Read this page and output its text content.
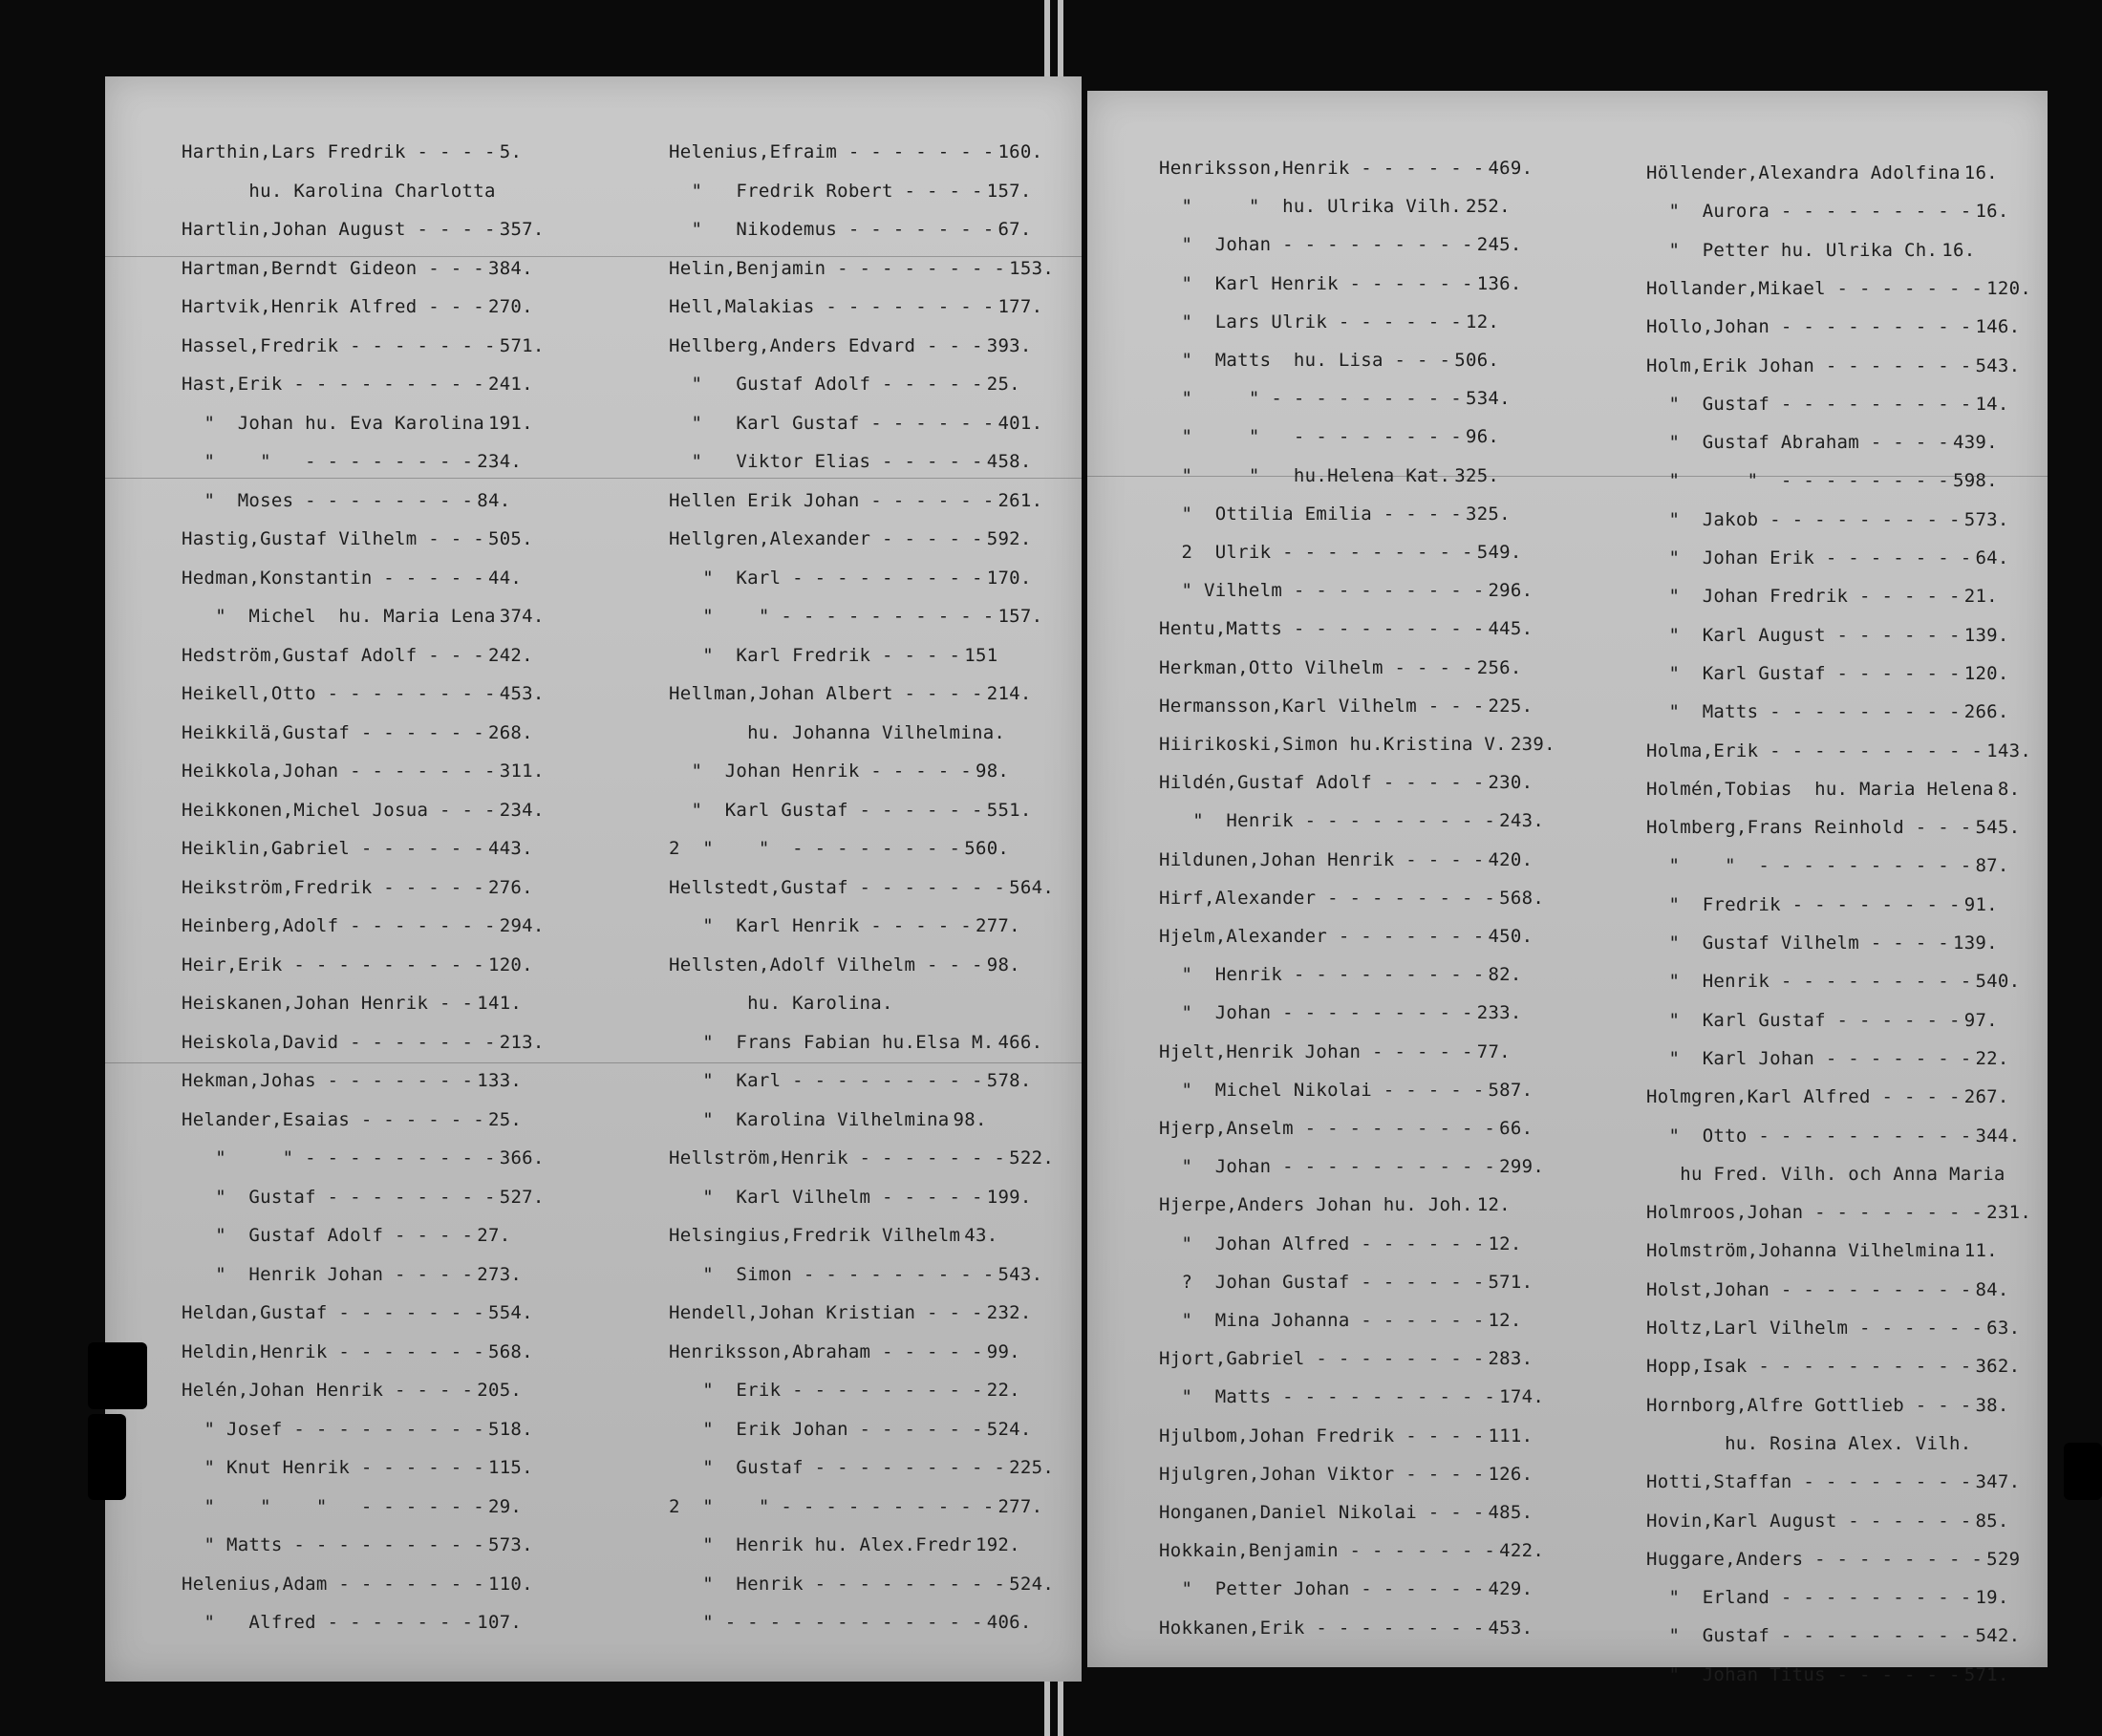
Harthin,Lars Fredrik - - - - 5.
hu. Karolina Charlotta
Hartlin,Johan August - - - - 357.
Hartman,Berndt Gideon - - - 384.
Hartvik,Henrik Alfred - - - 270.
Hassel,Fredrik - - - - - - - 571.
Hast,Erik - - - - - - - - - 241.
"  Johan hu. Eva Karolina 191.
"    "   - - - - - - - - 234.
"  Moses - - - - - - - - 84.
Hastig,Gustaf Vilhelm - - - 505.
Hedman,Konstantin - - - - - 44.
"  Michel  hu. Maria Lena 374.
Hedström,Gustaf Adolf - - - 242.
Heikell,Otto - - - - - - - - 453.
Heikkilä,Gustaf - - - - - - 268.
Heikkola,Johan - - - - - - - 311.
Heikkonen,Michel Josua - - - 234.
Heiklin,Gabriel - - - - - - 443.
Heikström,Fredrik - - - - - 276.
Heinberg,Adolf - - - - - - - 294.
Heir,Erik - - - - - - - - - 120.
Heiskanen,Johan Henrik - - 141.
Heiskola,David - - - - - - - 213.
Hekman,Johas - - - - - - - 133.
Helander,Esaias - - - - - - 25.
"     " - - - - - - - - - 366.
"  Gustaf - - - - - - - - 527.
"  Gustaf Adolf - - - - 27.
"  Henrik Johan - - - - 273.
Heldan,Gustaf - - - - - - - 554.
Heldin,Henrik - - - - - - - 568.
Helén,Johan Henrik - - - - 205.
" Josef - - - - - - - - - 518.
" Knut Henrik - - - - - - 115.
"    "    "   - - - - - - 29.
" Matts - - - - - - - - - 573.
Helenius,Adam - - - - - - - 110.
"   Alfred - - - - - - - 107.
Helenius,Efraim - - - - - - - 160.
"   Fredrik Robert - - - - 157.
"   Nikodemus - - - - - - - 67.
Helin,Benjamin - - - - - - - - 153.
Hell,Malakias - - - - - - - - 177.
Hellberg,Anders Edvard - - - 393.
"   Gustaf Adolf - - - - - 25.
"   Karl Gustaf - - - - - - 401.
"   Viktor Elias - - - - - 458.
Hellen Erik Johan - - - - - - 261.
Hellgren,Alexander - - - - - 592.
"  Karl - - - - - - - - - 170.
"    " - - - - - - - - - - 157.
"  Karl Fredrik - - - - 151
Hellman,Johan Albert - - - - 214.
hu. Johanna Vilhelmina.
"  Johan Henrik - - - - - 98.
"  Karl Gustaf - - - - - - 551.
2  "    "  - - - - - - - - 560.
Hellstedt,Gustaf - - - - - - - 564.
"  Karl Henrik - - - - - 277.
Hellsten,Adolf Vilhelm - - - 98.
hu. Karolina.
"  Frans Fabian hu.Elsa M. 466.
"  Karl - - - - - - - - - 578.
"  Karolina Vilhelmina 98.
Hellström,Henrik - - - - - - - 522.
"  Karl Vilhelm - - - - - 199.
Helsingius,Fredrik Vilhelm 43.
"  Simon - - - - - - - - - 543.
Hendell,Johan Kristian - - - 232.
Henriksson,Abraham - - - - - 99.
"  Erik - - - - - - - - - 22.
"  Erik Johan - - - - - - 524.
"  Gustaf - - - - - - - - - 225.
2  "    " - - - - - - - - - - 277.
"  Henrik hu. Alex.Fredr 192.
"  Henrik - - - - - - - - - 524.
" - - - - - - - - - - - - 406.
Henriksson,Henrik - - - - - - 469.
"     "  hu. Ulrika Vilh. 252.
"  Johan - - - - - - - - - 245.
"  Karl Henrik - - - - - - 136.
"  Lars Ulrik - - - - - - 12.
"  Matts  hu. Lisa - - - 506.
"     " - - - - - - - - - 534.
"     "   - - - - - - - - 96.
"     "   hu.Helena Kat. 325.
"  Ottilia Emilia - - - - 325.
2  Ulrik - - - - - - - - - 549.
" Vilhelm - - - - - - - - - 296.
Hentu,Matts - - - - - - - - - 445.
Herkman,Otto Vilhelm - - - - 256.
Hermansson,Karl Vilhelm - - - 225.
Hiirikoski,Simon hu.Kristina V. 239.
Hildén,Gustaf Adolf - - - - - 230.
"  Henrik - - - - - - - - - 243.
Hildunen,Johan Henrik - - - - 420.
Hirf,Alexander - - - - - - - - 568.
Hjelm,Alexander - - - - - - - 450.
"  Henrik - - - - - - - - - 82.
"  Johan - - - - - - - - - 233.
Hjelt,Henrik Johan - - - - - 77.
"  Michel Nikolai - - - - - 587.
Hjerp,Anselm - - - - - - - - - 66.
"  Johan - - - - - - - - - - 299.
Hjerpe,Anders Johan hu. Joh. 12.
"  Johan Alfred - - - - - - 12.
?  Johan Gustaf - - - - - - 571.
"  Mina Johanna - - - - - - 12.
Hjort,Gabriel - - - - - - - - 283.
"  Matts - - - - - - - - - - 174.
Hjulbom,Johan Fredrik - - - - 111.
Hjulgren,Johan Viktor - - - - 126.
Honganen,Daniel Nikolai - - - 485.
Hokkain,Benjamin - - - - - - - 422.
"  Petter Johan - - - - - - 429.
Hokkanen,Erik - - - - - - - - 453.
Höllender,Alexandra Adolfina 16.
"  Aurora - - - - - - - - - 16.
"  Petter hu. Ulrika Ch. 16.
Hollander,Mikael - - - - - - - 120.
Hollo,Johan - - - - - - - - - 146.
Holm,Erik Johan - - - - - - - 543.
"  Gustaf - - - - - - - - - 14.
"  Gustaf Abraham - - - - 439.
"      "  - - - - - - - - 598.
"  Jakob - - - - - - - - - 573.
"  Johan Erik - - - - - - - 64.
"  Johan Fredrik - - - - - 21.
"  Karl August - - - - - - 139.
"  Karl Gustaf - - - - - - 120.
"  Matts - - - - - - - - - 266.
Holma,Erik - - - - - - - - - - 143.
Holmén,Tobias  hu. Maria Helena 8.
Holmberg,Frans Reinhold - - - 545.
"    "  - - - - - - - - - - 87.
"  Fredrik - - - - - - - - 91.
"  Gustaf Vilhelm - - - - 139.
"  Henrik - - - - - - - - - 540.
"  Karl Gustaf - - - - - - 97.
"  Karl Johan - - - - - - - 22.
Holmgren,Karl Alfred - - - - 267.
"  Otto - - - - - - - - - - 344.
hu Fred. Vilh. och Anna Maria
Holmroos,Johan - - - - - - - - 231.
Holmström,Johanna Vilhelmina 11.
Holst,Johan - - - - - - - - - 84.
Holtz,Larl Vilhelm - - - - - - 63.
Hopp,Isak - - - - - - - - - - 362.
Hornborg,Alfre Gottlieb - - - 38.
hu. Rosina Alex. Vilh.
Hotti,Staffan - - - - - - - - 347.
Hovin,Karl August - - - - - - 85.
Huggare,Anders - - - - - - - - 529
"  Erland - - - - - - - - - 19.
"  Gustaf - - - - - - - - - 542.
"  Johan Titus - - - - - - 571.
